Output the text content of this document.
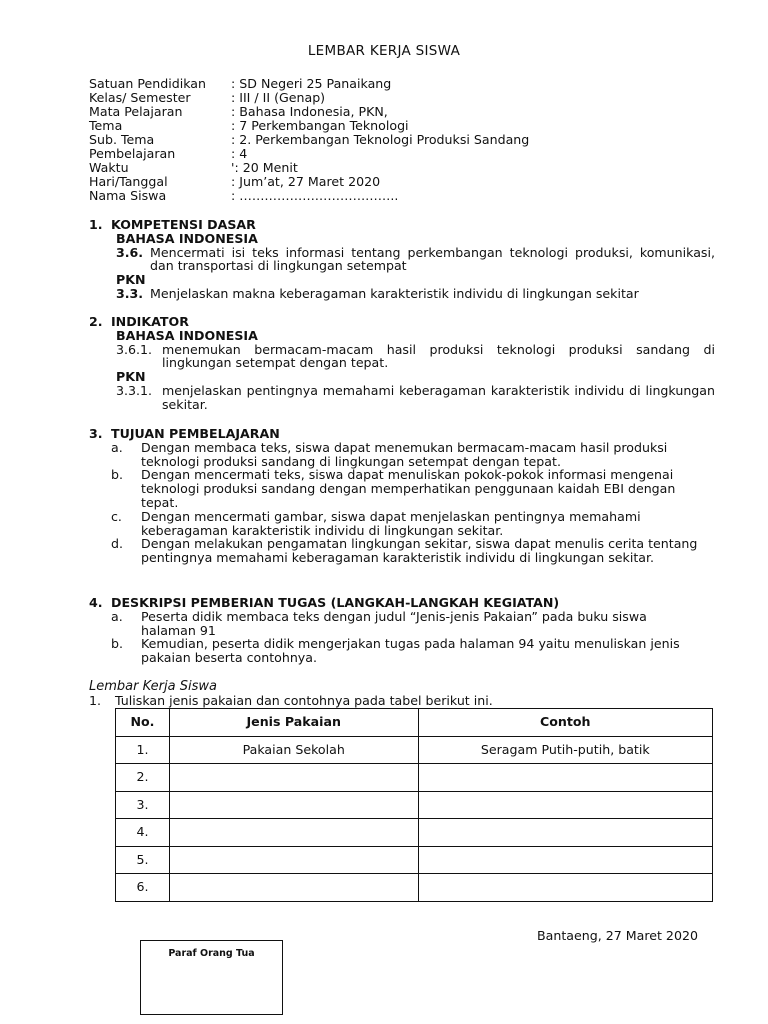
LEMBAR KERJA SISWA
Satuan Pendidikan	: SD Negeri 25 Panaikang
Kelas/ Semester	: III / II (Genap)
Mata Pelajaran	: Bahasa Indonesia, PKN,
Tema	: 7 Perkembangan Teknologi
Sub. Tema	: 2. Perkembangan Teknologi Produksi Sandang
Pembelajaran	: 4
Waktu	': 20 Menit
Hari/Tanggal	: Jum’at, 27 Maret 2020
Nama Siswa	: ………………………………..
1. KOMPETENSI DASAR
BAHASA INDONESIA
3.6. Mencermati isi teks informasi tentang perkembangan teknologi produksi, komunikasi, dan transportasi di lingkungan setempat
PKN
3.3. Menjelaskan makna keberagaman karakteristik individu di lingkungan sekitar
2. INDIKATOR
BAHASA INDONESIA
3.6.1. menemukan bermacam-macam hasil produksi teknologi produksi sandang di lingkungan setempat dengan tepat.
PKN
3.3.1. menjelaskan pentingnya memahami keberagaman karakteristik individu di lingkungan sekitar.
3. TUJUAN PEMBELAJARAN
a.	Dengan membaca teks, siswa dapat menemukan bermacam-macam hasil produksi teknologi produksi sandang di lingkungan setempat dengan tepat.
b.	Dengan mencermati teks, siswa dapat menuliskan pokok-pokok informasi mengenai teknologi produksi sandang dengan memperhatikan penggunaan kaidah EBI dengan tepat.
c.	Dengan mencermati gambar, siswa dapat menjelaskan pentingnya memahami keberagaman karakteristik individu di lingkungan sekitar.
d.	Dengan melakukan pengamatan lingkungan sekitar, siswa dapat menulis cerita tentang pentingnya memahami keberagaman karakteristik individu di lingkungan sekitar.
4. DESKRIPSI PEMBERIAN TUGAS (LANGKAH-LANGKAH KEGIATAN)
a.	Peserta didik membaca teks dengan judul “Jenis-jenis Pakaian” pada buku siswa halaman 91
b.	Kemudian, peserta didik mengerjakan tugas pada halaman 94 yaitu menuliskan jenis pakaian beserta contohnya.
Lembar Kerja Siswa
1.	Tuliskan jenis pakaian dan contohnya pada tabel berikut ini.
No.	Jenis Pakaian	Contoh
1.	Pakaian Sekolah	Seragam Putih-putih, batik
2.		
3.		
4.		
5.		
6.		
Bantaeng, 27 Maret 2020
Paraf Orang Tua
